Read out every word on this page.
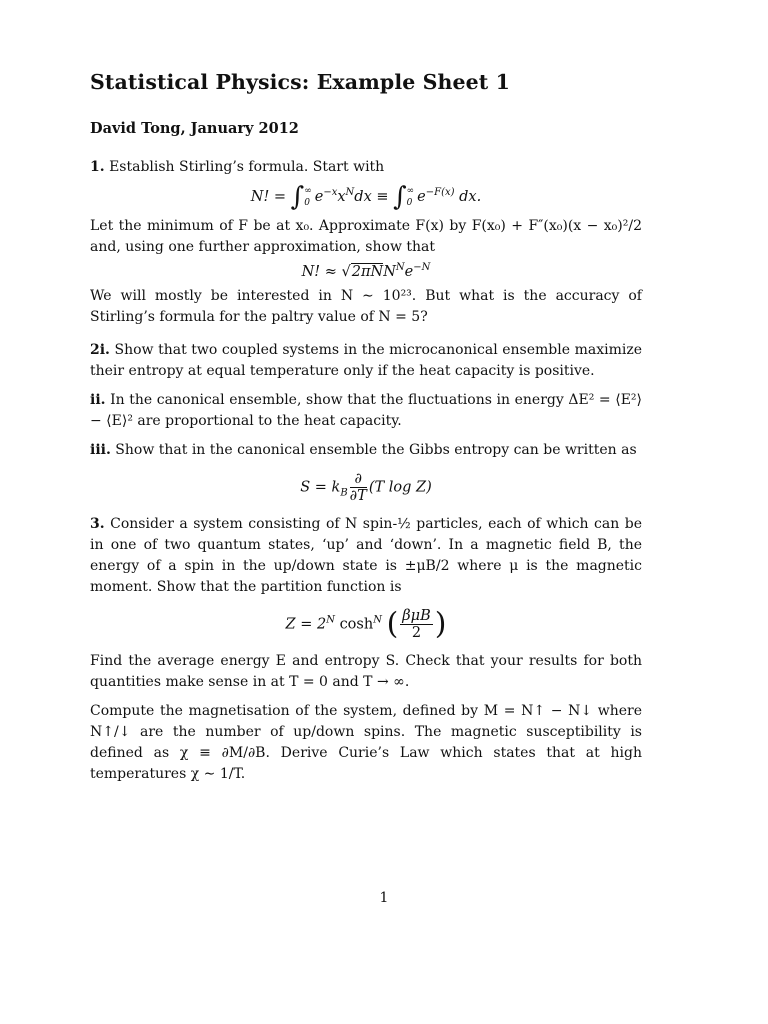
Statistical Physics: Example Sheet 1
David Tong, January 2012

1. Establish Stirling’s formula. Start with

N! = ∫ ∞
0 $e^{-x}x^Ndx$ ≡ ∫ ∞
0 $e^{-F(x)}$ dx.

Let the minimum of F be at x₀. Approximate F(x) by F(x₀) + F″(x₀)(x − x₀)²/2 and, using one further approximation, show that

N! ≈ $√2\pi NN^Ne^{-N}$

We will mostly be interested in N ∼ 10²³. But what is the accuracy of Stirling’s formula for the paltry value of N = 5?

2i. Show that two coupled systems in the microcanonical ensemble maximize their entropy at equal temperature only if the heat capacity is positive.

ii. In the canonical ensemble, show that the fluctuations in energy ΔE² = ⟨E²⟩ − ⟨E⟩² are proportional to the heat capacity.

iii. Show that in the canonical ensemble the Gibbs entropy can be written as

$S = k_B \frac{\partial}{\partial T} (T$ log Z)

3. Consider a system consisting of N spin-½ particles, each of which can be in one of two quantum states, ‘up’ and ‘down’. In a magnetic field B, the energy of a spin in the up/down state is ±μB/2 where μ is the magnetic moment. Show that the partition function is

$Z = 2^N$ $\cosh^N$ ( $\frac{\text{βμB}}{2}$ )

Find the average energy E and entropy S. Check that your results for both quantities make sense in at T = 0 and T → ∞.

Compute the magnetisation of the system, defined by M = N↑ − N↓ where N↑/↓ are the number of up/down spins. The magnetic susceptibility is defined as χ ≡ ∂M/∂B. Derive Curie’s Law which states that at high temperatures χ ∼ 1/T.

1
